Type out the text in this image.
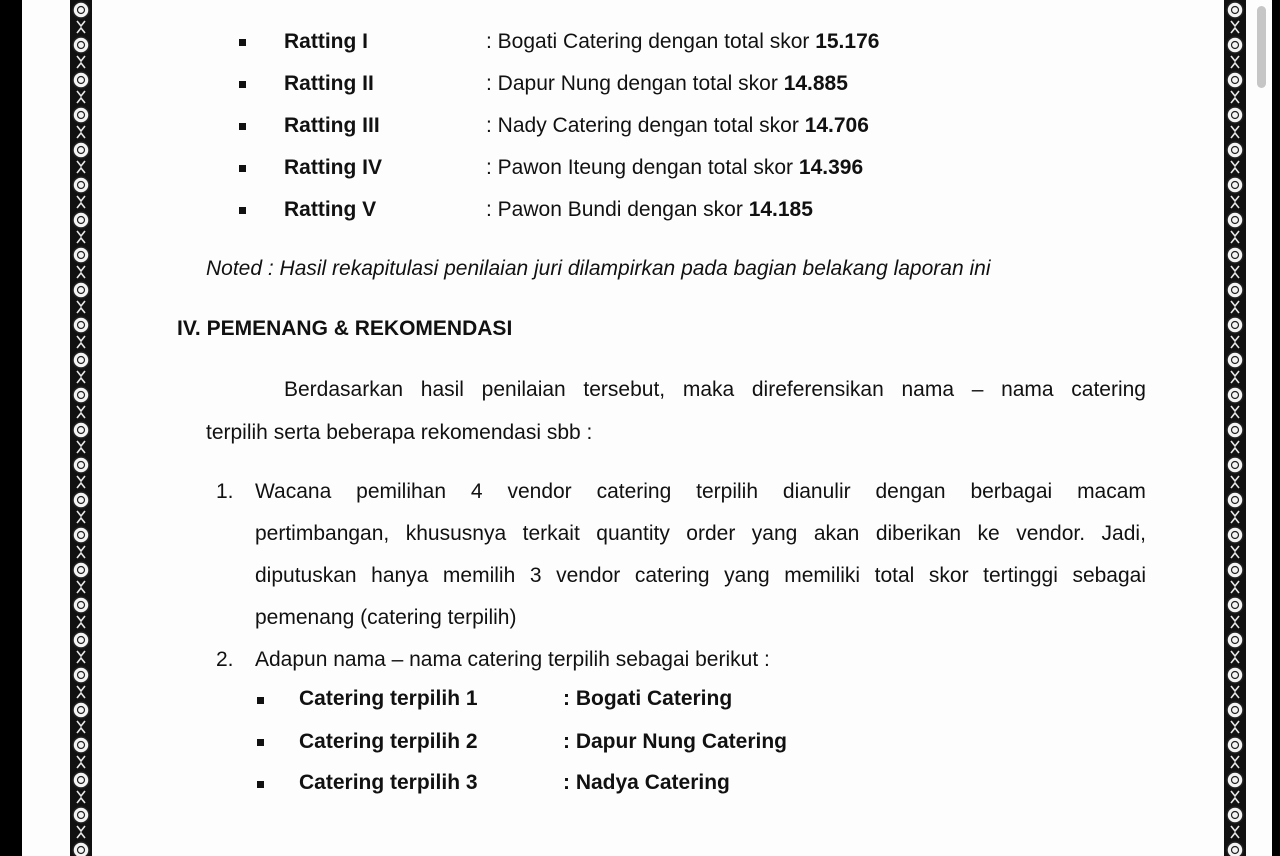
Ratting I	: Bogati Catering dengan total skor 15.176
Ratting II	: Dapur Nung dengan total skor 14.885
Ratting III	: Nady Catering dengan total skor 14.706
Ratting IV	: Pawon Iteung dengan total skor 14.396
Ratting V	: Pawon Bundi dengan skor 14.185
Noted : Hasil rekapitulasi penilaian juri dilampirkan pada bagian belakang laporan ini
IV. PEMENANG & REKOMENDASI
Berdasarkan hasil penilaian tersebut, maka direferensikan nama – nama catering
terpilih serta beberapa rekomendasi sbb :
1. Wacana pemilihan 4 vendor catering terpilih dianulir dengan berbagai macam
pertimbangan, khususnya terkait quantity order yang akan diberikan ke vendor. Jadi,
diputuskan hanya memilih 3 vendor catering yang memiliki total skor tertinggi sebagai
pemenang (catering terpilih)
2. Adapun nama – nama catering terpilih sebagai berikut :
Catering terpilih 1	: Bogati Catering
Catering terpilih 2	: Dapur Nung Catering
Catering terpilih 3	: Nadya Catering
